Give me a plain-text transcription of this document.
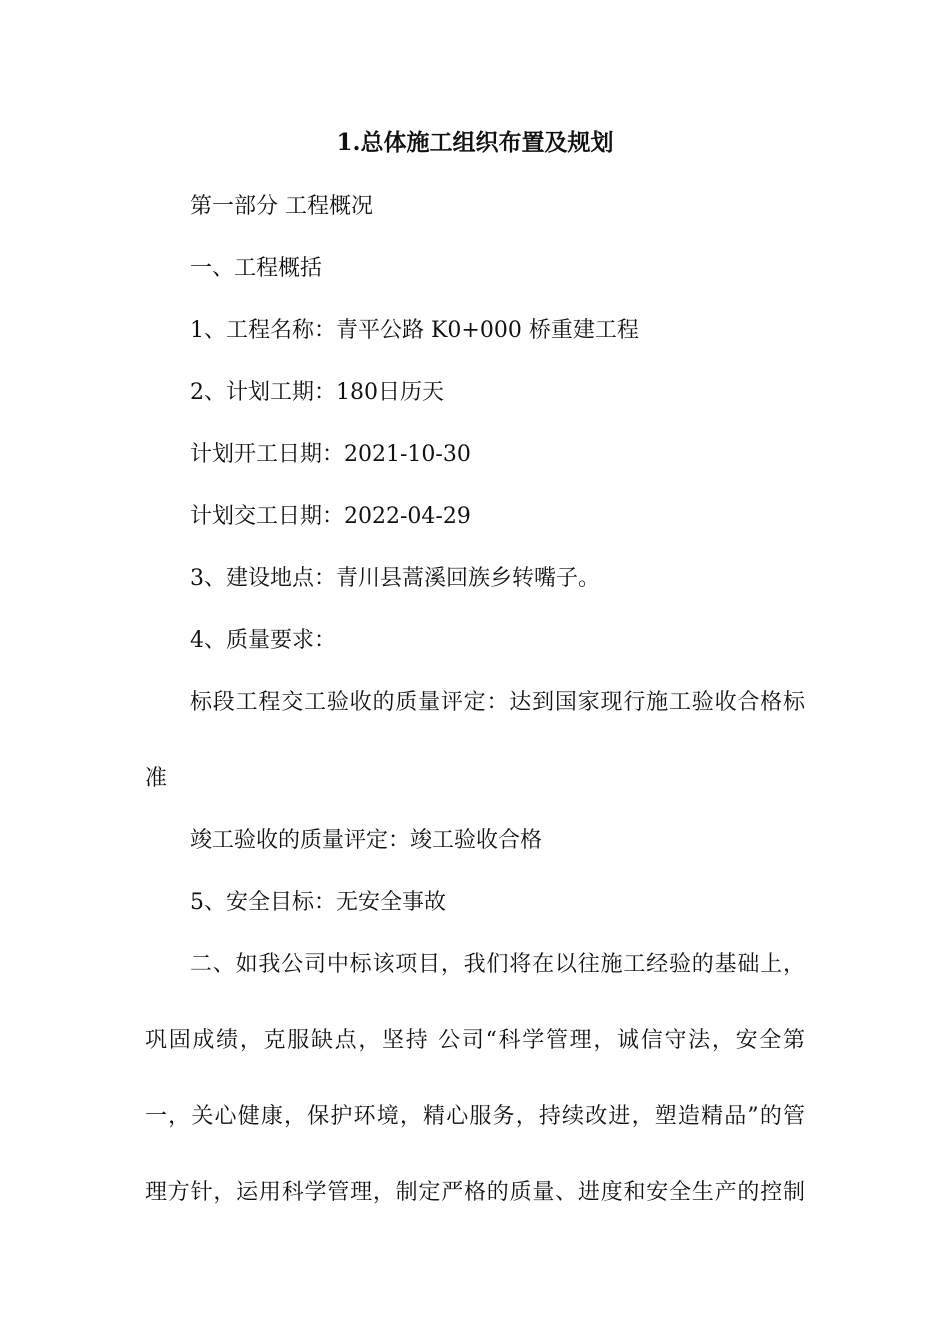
1.总体施工组织布置及规划
第一部分 工程概况
一、工程概括
1、工程名称：青平公路 K0+000 桥重建工程
2、计划工期：180日历天
计划开工日期：2021-10-30
计划交工日期：2022-04-29
3、建设地点：青川县蒿溪回族乡转嘴子。
4、质量要求：
标段工程交工验收的质量评定：达到国家现行施工验收合格标
准
竣工验收的质量评定：竣工验收合格
5、安全目标：无安全事故
二、如我公司中标该项目，我们将在以往施工经验的基础上，
巩固成绩，克服缺点，坚持 公司“科学管理，诚信守法，安全第
一，关心健康，保护环境，精心服务，持续改进，塑造精品”的管
理方针，运用科学管理，制定严格的质量、进度和安全生产的控制
